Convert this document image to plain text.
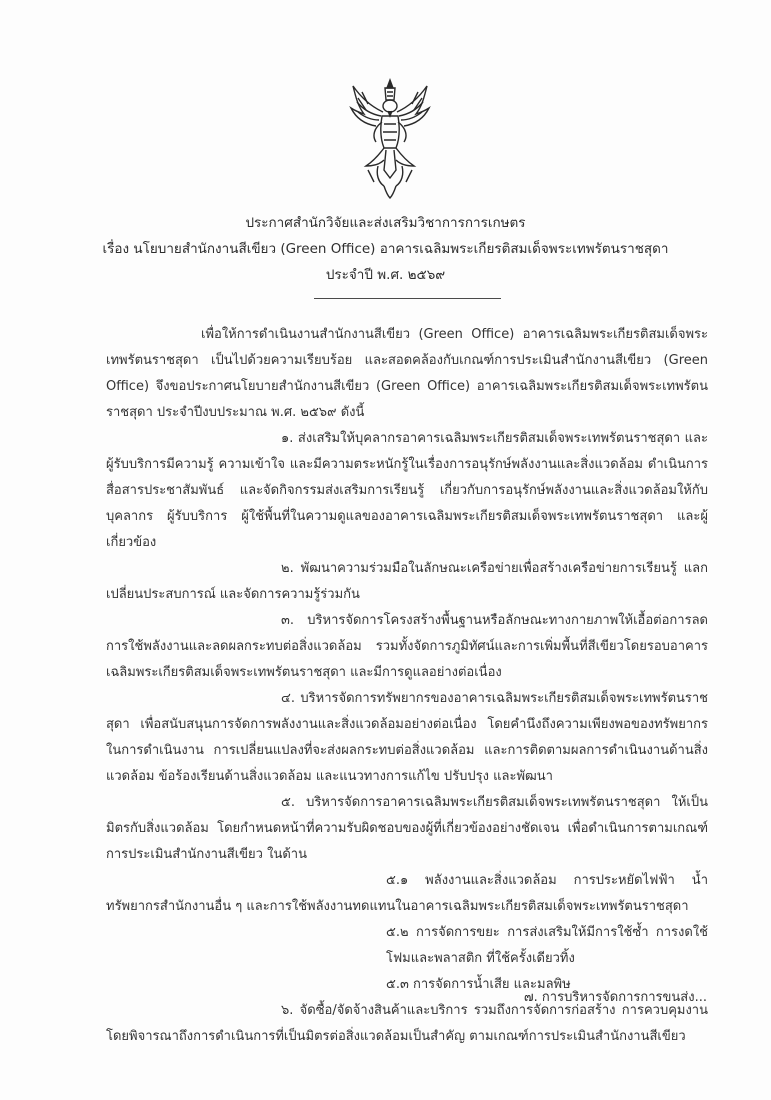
ประกาศสำนักวิจัยและส่งเสริมวิชาการการเกษตร
เรื่อง นโยบายสำนักงานสีเขียว (Green Office) อาคารเฉลิมพระเกียรติสมเด็จพระเทพรัตนราชสุดา
ประจำปี พ.ศ. ๒๕๖๙

เพื่อให้การดำเนินงานสำนักงานสีเขียว (Green Office) อาคารเฉลิมพระเกียรติสมเด็จพระเทพรัตนราชสุดา เป็นไปด้วยความเรียบร้อย และสอดคล้องกับเกณฑ์การประเมินสำนักงานสีเขียว (Green Office) จึงขอประกาศนโยบายสำนักงานสีเขียว (Green Office) อาคารเฉลิมพระเกียรติสมเด็จพระเทพรัตนราชสุดา ประจำปีงบประมาณ พ.ศ. ๒๕๖๙ ดังนี้

๑. ส่งเสริมให้บุคลากรอาคารเฉลิมพระเกียรติสมเด็จพระเทพรัตนราชสุดา และผู้รับบริการมีความรู้ ความเข้าใจ และมีความตระหนักรู้ในเรื่องการอนุรักษ์พลังงานและสิ่งแวดล้อม ดำเนินการสื่อสารประชาสัมพันธ์ และจัดกิจกรรมส่งเสริมการเรียนรู้ เกี่ยวกับการอนุรักษ์พลังงานและสิ่งแวดล้อมให้กับบุคลากร ผู้รับบริการ ผู้ใช้พื้นที่ในความดูแลของอาคารเฉลิมพระเกียรติสมเด็จพระเทพรัตนราชสุดา และผู้เกี่ยวข้อง

๒. พัฒนาความร่วมมือในลักษณะเครือข่ายเพื่อสร้างเครือข่ายการเรียนรู้ แลกเปลี่ยนประสบการณ์ และจัดการความรู้ร่วมกัน

๓. บริหารจัดการโครงสร้างพื้นฐานหรือลักษณะทางกายภาพให้เอื้อต่อการลดการใช้พลังงานและลดผลกระทบต่อสิ่งแวดล้อม รวมทั้งจัดการภูมิทัศน์และการเพิ่มพื้นที่สีเขียวโดยรอบอาคารเฉลิมพระเกียรติสมเด็จพระเทพรัตนราชสุดา และมีการดูแลอย่างต่อเนื่อง

๔. บริหารจัดการทรัพยากรของอาคารเฉลิมพระเกียรติสมเด็จพระเทพรัตนราชสุดา เพื่อสนับสนุนการจัดการพลังงานและสิ่งแวดล้อมอย่างต่อเนื่อง โดยคำนึงถึงความเพียงพอของทรัพยากรในการดำเนินงาน การเปลี่ยนแปลงที่จะส่งผลกระทบต่อสิ่งแวดล้อม และการติดตามผลการดำเนินงานด้านสิ่งแวดล้อม ข้อร้องเรียนด้านสิ่งแวดล้อม และแนวทางการแก้ไข ปรับปรุง และพัฒนา

๕. บริหารจัดการอาคารเฉลิมพระเกียรติสมเด็จพระเทพรัตนราชสุดา ให้เป็นมิตรกับสิ่งแวดล้อม โดยกำหนดหน้าที่ความรับผิดชอบของผู้ที่เกี่ยวข้องอย่างชัดเจน เพื่อดำเนินการตามเกณฑ์การประเมินสำนักงานสีเขียว ในด้าน

๕.๑ พลังงานและสิ่งแวดล้อม การประหยัดไฟฟ้า น้ำ ทรัพยากรสำนักงานอื่น ๆ และการใช้พลังงานทดแทนในอาคารเฉลิมพระเกียรติสมเด็จพระเทพรัตนราชสุดา

๕.๒ การจัดการขยะ การส่งเสริมให้มีการใช้ซ้ำ การงดใช้โฟมและพลาสติก ที่ใช้ครั้งเดียวทิ้ง

๕.๓ การจัดการน้ำเสีย และมลพิษ

๖. จัดซื้อ/จัดจ้างสินค้าและบริการ รวมถึงการจัดการก่อสร้าง การควบคุมงาน โดยพิจารณาถึงการดำเนินการที่เป็นมิตรต่อสิ่งแวดล้อมเป็นสำคัญ ตามเกณฑ์การประเมินสำนักงานสีเขียว

๗. การบริหารจัดการการขนส่ง...
